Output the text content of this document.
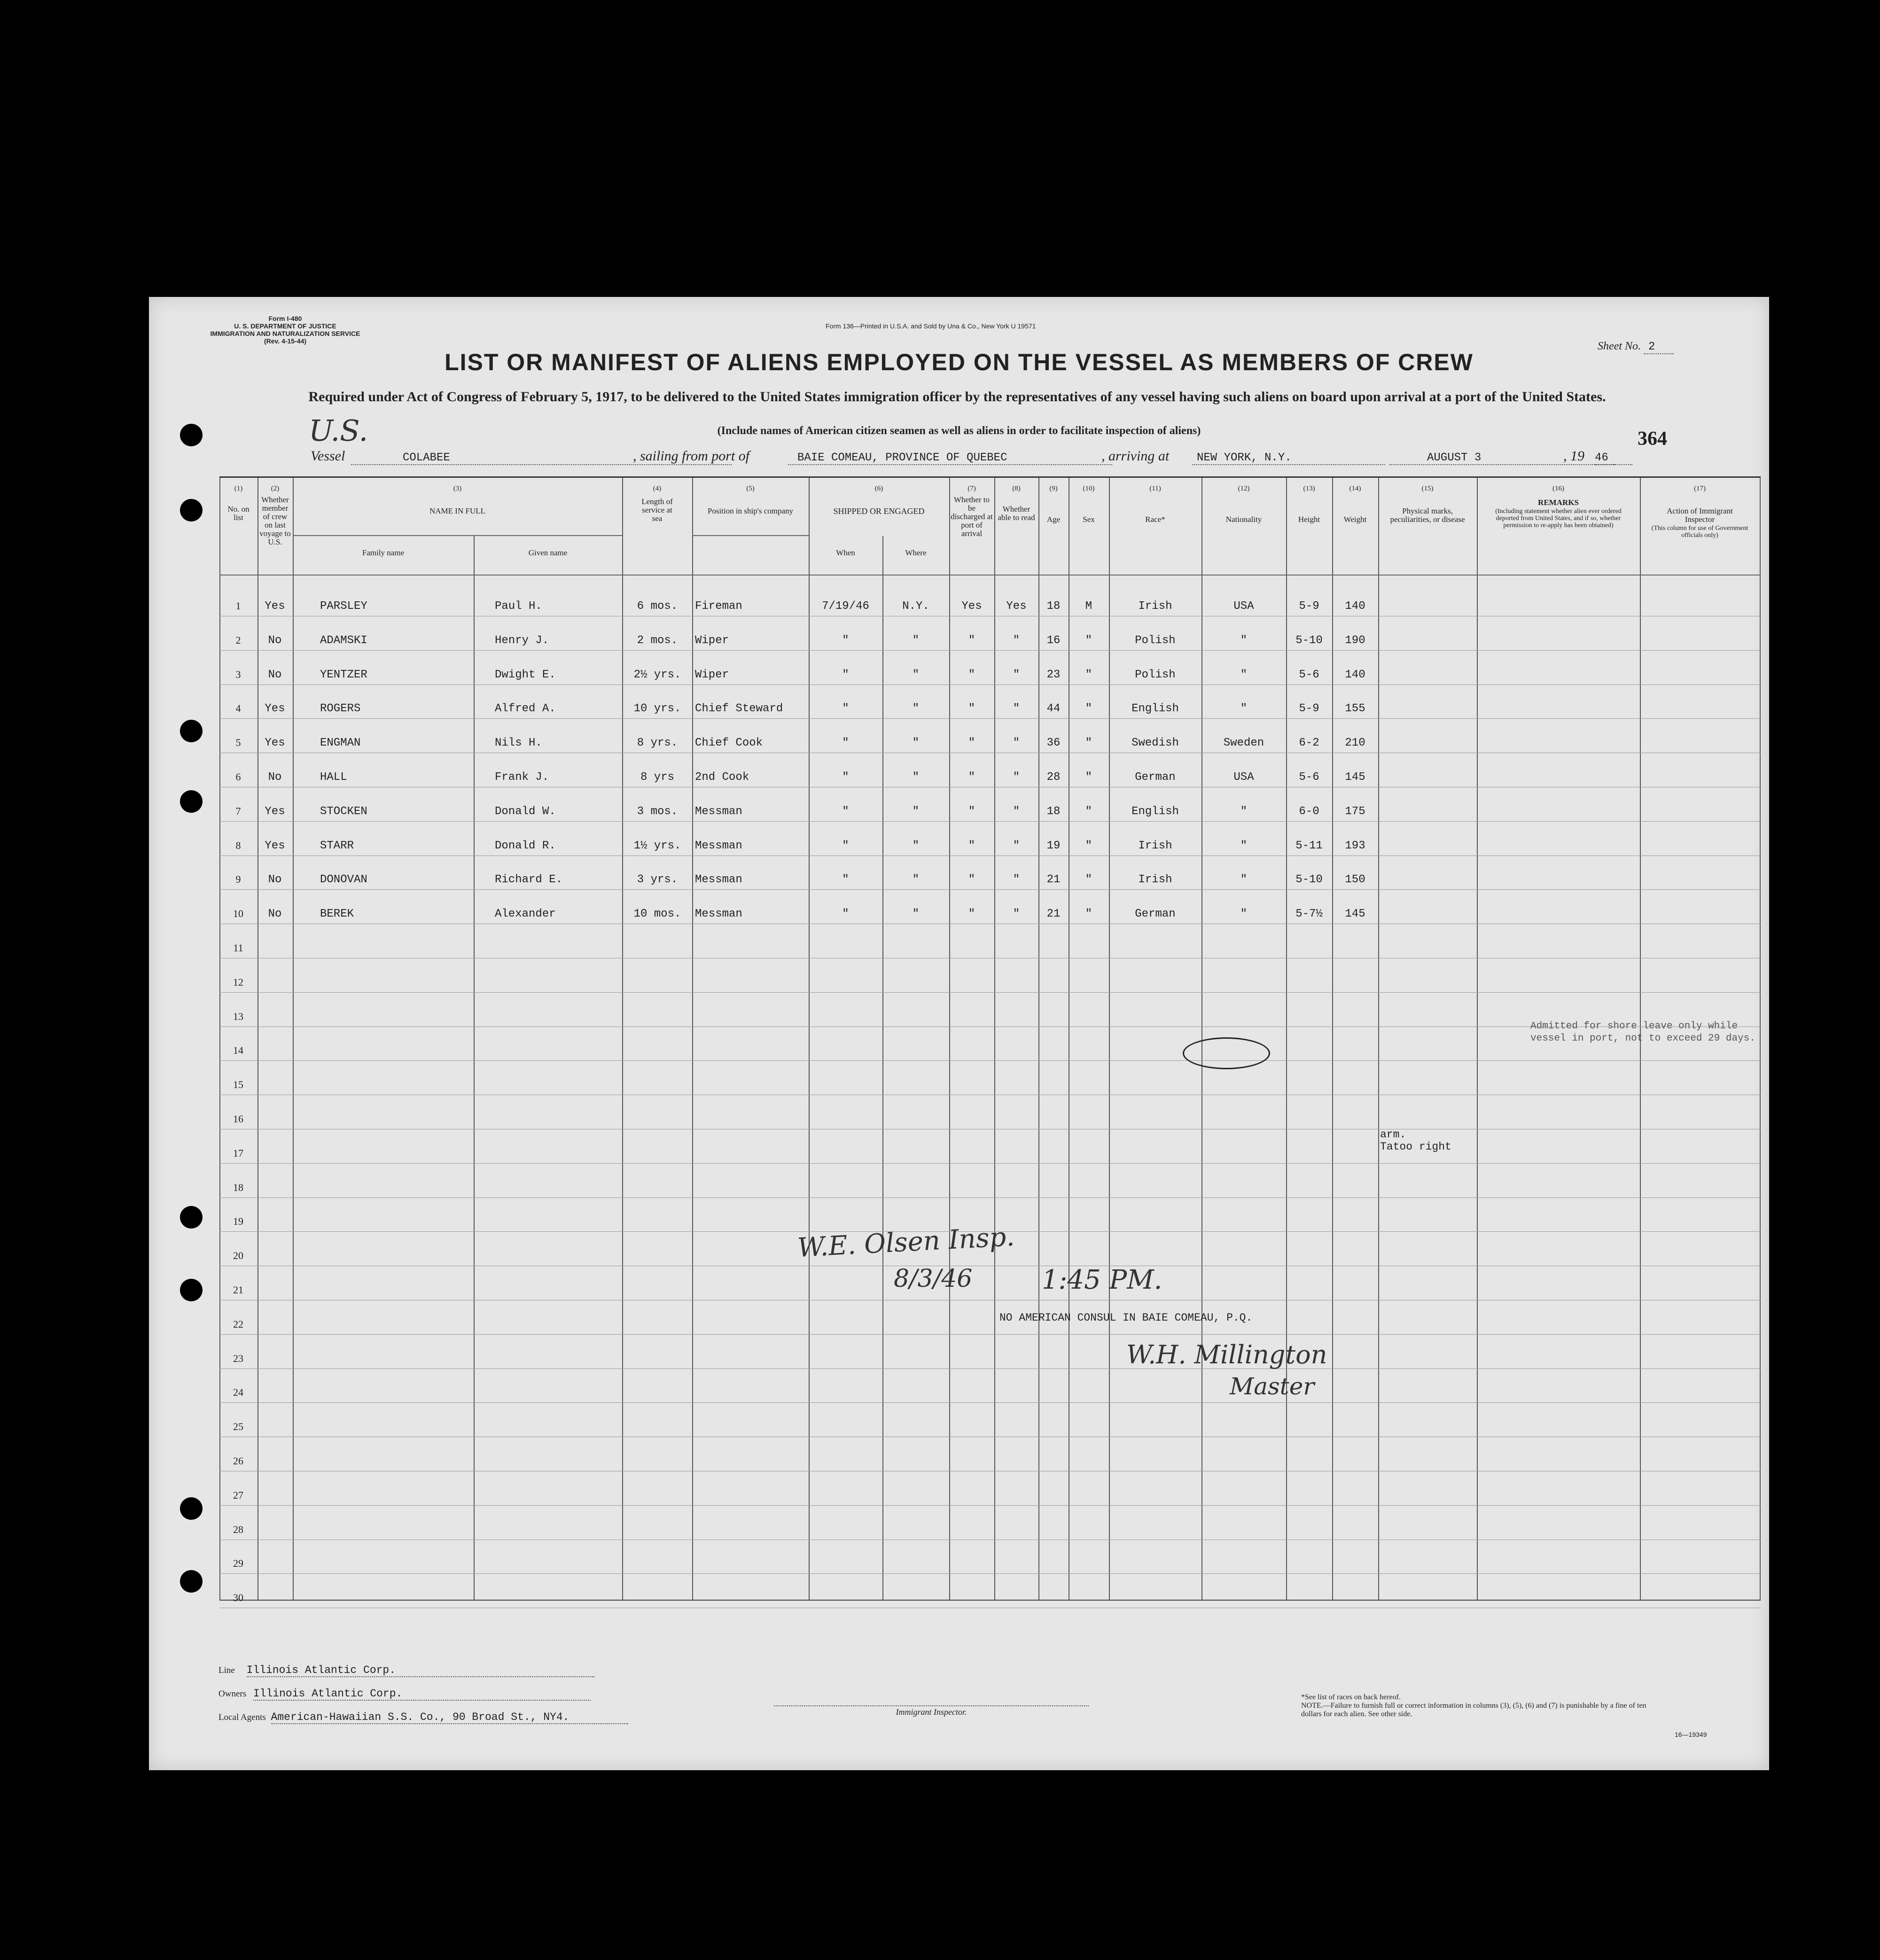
Form I-480
U. S. DEPARTMENT OF JUSTICE
IMMIGRATION AND NATURALIZATION SERVICE
(Rev. 4-15-44)
Form 136—Printed in U.S.A. and Sold by Una & Co., New York U 19571
Sheet No. 2
LIST OR MANIFEST OF ALIENS EMPLOYED ON THE VESSEL AS MEMBERS OF CREW
Required under Act of Congress of February 5, 1917, to be delivered to the United States immigration officer by the representatives of any vessel having such aliens on board upon arrival at a port of the United States.
(Include names of American citizen seamen as well as aliens in order to facilitate inspection of aliens)
U.S.
Vessel	COLABEE	, sailing from port of	BAIE COMEAU, PROVINCE OF QUEBEC	, arriving at	NEW YORK, N.Y.	AUGUST 3	, 19 46
364
(1)
No. on list
(2)
Whether member of crew on last voyage to U.S.
(3)
NAME IN FULL
Family name	Given name
(4)
Length of service at sea
(5)
Position in ship's company
(6)
SHIPPED OR ENGAGED
When	Where
(7)
Whether to be discharged at port of arrival
(8)
Whether able to read
(9)
Age
(10)
Sex
(11)
Race*
(12)
Nationality
(13)
Height
(14)
Weight
(15)
Physical marks, peculiarities, or disease
(16)
REMARKS
(Including statement whether alien ever ordered deported from United States, and if so, whether permission to re-apply has been obtained)
(17)
Action of Immigrant Inspector
(This column for use of Government officials only)
1	Yes	PARSLEY	Paul H.	6 mos.	Fireman	7/19/46	N.Y.	Yes	Yes	18	M	Irish	USA	5-9	140
2	No	ADAMSKI	Henry J.	2 mos.	Wiper	"	"	"	"	16	"	Polish	"	5-10	190
3	No	YENTZER	Dwight E.	2½ yrs.	Wiper	"	"	"	"	23	"	Polish	"	5-6	140
4	Yes	ROGERS	Alfred A.	10 yrs.	Chief Steward	"	"	"	"	44	"	English	"	5-9	155
5	Yes	ENGMAN	Nils H.	8 yrs.	Chief Cook	"	"	"	"	36	"	Swedish	Sweden	6-2	210
6	No	HALL	Frank J.	8 yrs	2nd Cook	"	"	"	"	28	"	German	USA	5-6	145
7	Yes	STOCKEN	Donald W.	3 mos.	Messman	"	"	"	"	18	"	English	"	6-0	175
8	Yes	STARR	Donald R.	1½ yrs.	Messman	"	"	"	"	19	"	Irish	"	5-11	193
9	No	DONOVAN	Richard E.	3 yrs.	Messman	"	"	"	"	21	"	Irish	"	5-10	150
10	No	BEREK	Alexander	10 mos.	Messman	"	"	"	"	21	"	German	"	5-7½	145
11
12
13
14
15
16
17
18
19
20
21
22
23
24
25
26
27
28
29
30
arm.
Tatoo right
Admitted for shore leave only while vessel in port, not to exceed 29 days.
W.E. Olsen Insp.
8/3/46	1:45 PM.
NO AMERICAN CONSUL IN BAIE COMEAU, P.Q.
W.H. Millington
Master
Line Illinois Atlantic Corp.
Owners Illinois Atlantic Corp.
Local Agents American-Hawaiian S.S. Co., 90 Broad St., NY4.	Immigrant Inspector.
*See list of races on back hereof.
NOTE.—Failure to furnish full or correct information in columns (3), (5), (6) and (7) is punishable by a fine of ten dollars for each alien. See other side.
16—19349
